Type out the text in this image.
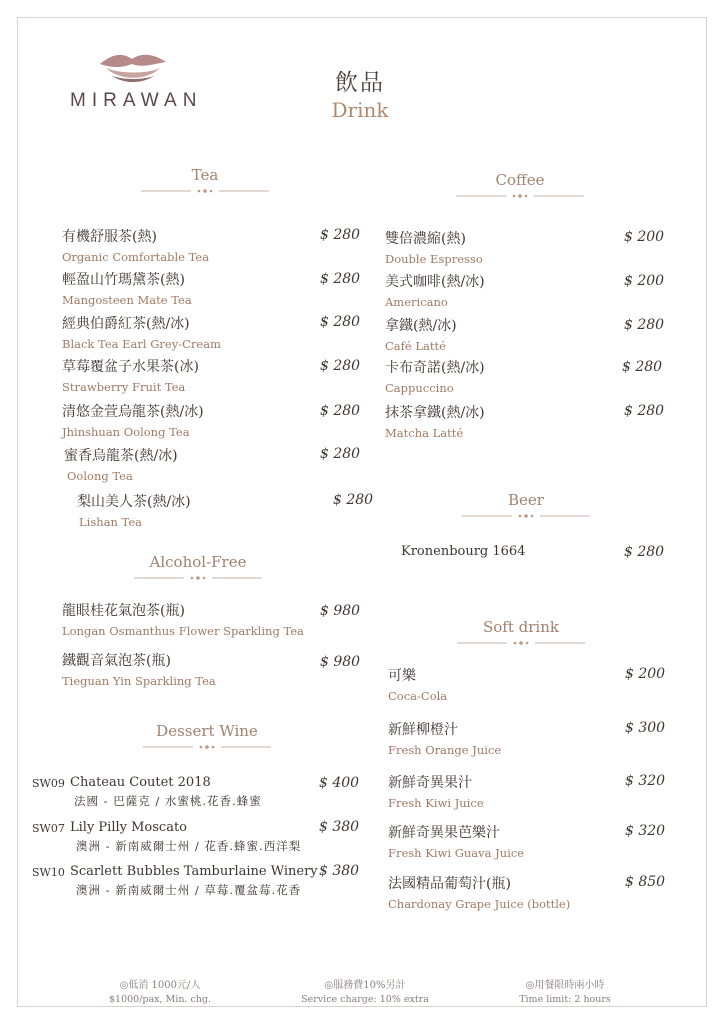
MIRAWAN
飲品
Drink
Tea
有機舒服茶(熱)
Organic Comfortable Tea
$ 280
輕盈山竹瑪黛茶(熱)
Mangosteen Mate Tea
$ 280
經典伯爵紅茶(熱/冰)
Black Tea Earl Grey-Cream
$ 280
草莓覆盆子水果茶(冰)
Strawberry Fruit Tea
$ 280
清悠金萱烏龍茶(熱/冰)
Jhinshuan Oolong Tea
$ 280
蜜香烏龍茶(熱/冰)
Oolong Tea
$ 280
梨山美人茶(熱/冰)
Lishan Tea
$ 280
Alcohol-Free
龍眼桂花氣泡茶(瓶)
Longan Osmanthus Flower Sparkling Tea
$ 980
鐵觀音氣泡茶(瓶)
Tieguan Yin Sparkling Tea
$ 980
Dessert Wine
SW09 Chateau Coutet 2018
法國 - 巴薩克 / 水蜜桃.花香.蜂蜜
$ 400
SW07 Lily Pilly Moscato
澳洲 - 新南威爾士州 / 花香.蜂蜜.西洋梨
$ 380
SW10 Scarlett Bubbles Tamburlaine Winery
澳洲 - 新南威爾士州 / 草莓.覆盆莓.花香
$ 380
Coffee
雙倍濃縮(熱)
Double Espresso
$ 200
美式咖啡(熱/冰)
Americano
$ 200
拿鐵(熱/冰)
Café Latté
$ 280
卡布奇諾(熱/冰)
Cappuccino
$ 280
抹茶拿鐵(熱/冰)
Matcha Latté
$ 280
Beer
Kronenbourg 1664	$ 280
Soft drink
可樂
Coca-Cola
$ 200
新鮮柳橙汁
Fresh Orange Juice
$ 300
新鮮奇異果汁
Fresh Kiwi Juice
$ 320
新鮮奇異果芭樂汁
Fresh Kiwi Guava Juice
$ 320
法國精品葡萄汁(瓶)
Chardonay Grape Juice (bottle)
$ 850
◎低消 1000元/人
$1000/pax, Min. chg.
◎服務費10%另計
Service charge: 10% extra
◎用餐限時兩小時
Time limit: 2 hours
